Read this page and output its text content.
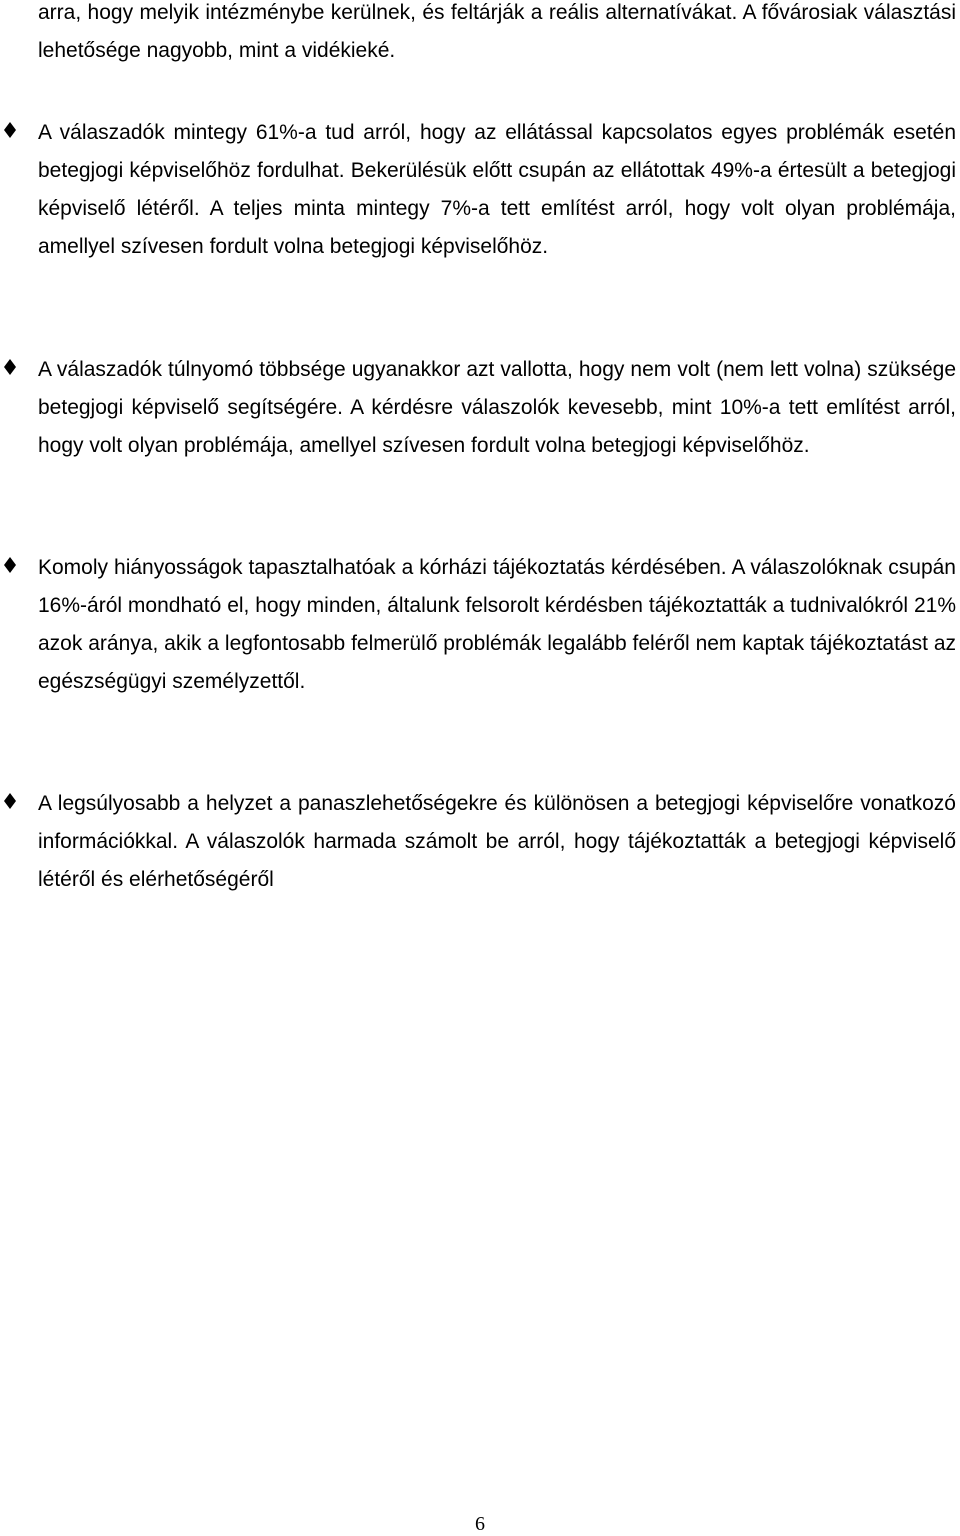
arra, hogy melyik intézménybe kerülnek, és feltárják a reális alternatívákat. A fővárosiak választási lehetősége nagyobb, mint a vidékieké.

A válaszadók mintegy 61%-a tud arról, hogy az ellátással kapcsolatos egyes problémák esetén betegjogi képviselőhöz fordulhat. Bekerülésük előtt csupán az ellátottak 49%-a értesült a betegjogi képviselő létéről. A teljes minta mintegy 7%-a tett említést arról, hogy volt olyan problémája, amellyel szívesen fordult volna betegjogi képviselőhöz.

A válaszadók túlnyomó többsége ugyanakkor azt vallotta, hogy nem volt (nem lett volna) szüksége betegjogi képviselő segítségére. A kérdésre válaszolók kevesebb, mint 10%-a tett említést arról, hogy volt olyan problémája, amellyel szívesen fordult volna betegjogi képviselőhöz.

Komoly hiányosságok tapasztalhatóak a kórházi tájékoztatás kérdésében. A válaszolóknak csupán 16%-áról mondható el, hogy minden, általunk felsorolt kérdésben tájékoztatták a tudnivalókról 21% azok aránya, akik a legfontosabb felmerülő problémák legalább feléről nem kaptak tájékoztatást az egészségügyi személyzettől.

A legsúlyosabb a helyzet a panaszlehetőségekre és különösen a betegjogi képviselőre vonatkozó információkkal. A válaszolók harmada számolt be arról, hogy tájékoztatták a betegjogi képviselő létéről és elérhetőségéről

6
